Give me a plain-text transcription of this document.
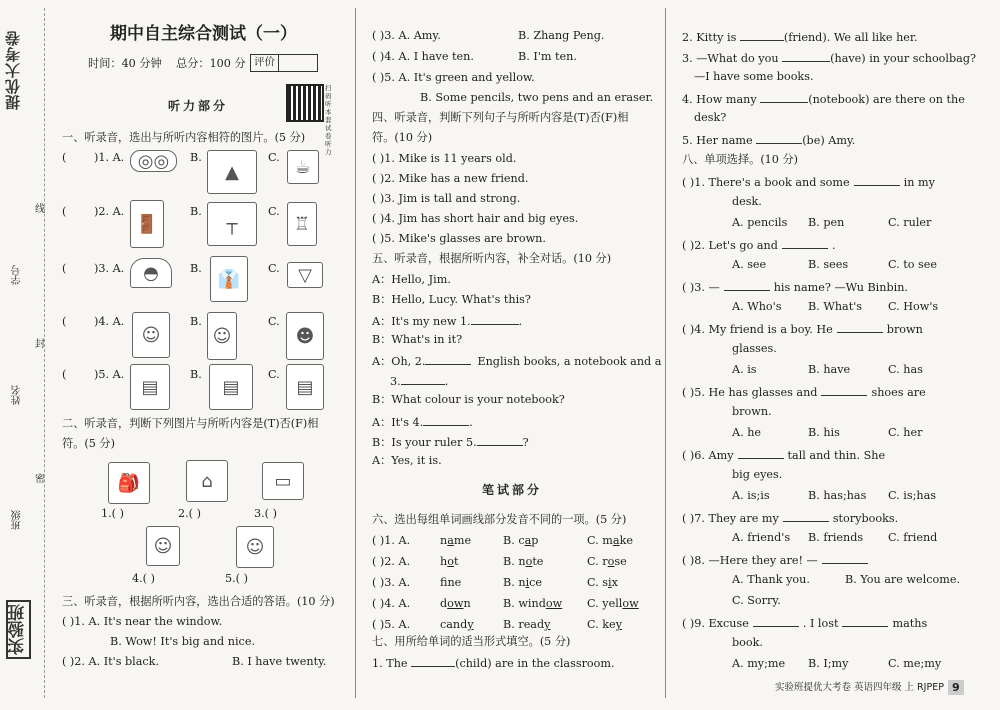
提优大考卷
线
学号
封
姓名
密
班级
实验班
期中自主综合测试（一）
时间：40 分钟 总分：100 分 评价
扫码听本套试卷听力
听力部分
一、听录音，选出与所听内容相符的图片。(5 分)
( )1. A. ◎◎	B.
▲
C. ☕
( )2. A.
🚪
B.
┬
C.
♖
( )3. A.	◓	B. 👔	C.	▽
( )4. A.
☺
B.
☺
C.
☻
( )5. A.
▤
B.
▤
C.
▤
二、听录音，判断下列图片与所听内容是(T)否(F)相
符。(5 分)
🎒	⌂	▭
1.( )	2.( )	3.( )
☺	☺
4.( )	5.( )
三、听录音，根据所听内容，选出合适的答语。(10 分)
( )1. A. It's near the window.
B. Wow! It's big and nice.
( )2. A. It's black.	B. I have twenty.
( )3. A. Amy.	B. Zhang Peng.
( )4. A. I have ten.	B. I'm ten.
( )5. A. It's green and yellow.
B. Some pencils, two pens and an eraser.
四、听录音，判断下列句子与所听内容是(T)否(F)相
符。(10 分)
( )1. Mike is 11 years old.
( )2. Mike has a new friend.
( )3. Jim is tall and strong.
( )4. Jim has short hair and big eyes.
( )5. Mike's glasses are brown.
五、听录音，根据所听内容，补全对话。(10 分)
A：Hello, Jim.
B：Hello, Lucy. What's this?
A：It's my new 1.	.
B：What's in it?
A：Oh, 2.	English books, a notebook and a
3.	.
B：What colour is your notebook?
A：It's 4.	.
B：Is your ruler 5.	?
A：Yes, it is.
笔试部分
六、选出每组单词画线部分发音不同的一项。(5 分)
( )1. A.	name	B. cap	C. make
( )2. A.	hot	B. note	C. rose
( )3. A.	fne	B. nice	C. six
( )4. A.	down	B. window C. yellow
( )5. A.	candy	B. ready	C. key
七、用所给单词的适当形式填空。(5 分)
1. The	(child) are in the classroom.
2. Kitty is	(friend). We all like her.
3. —What do you	(have) in your schoolbag?
—I have some books.
4. How many	(notebook) are there on the
desk?
5. Her name	(be) Amy.
八、单项选择。(10 分)
( )1. There's a book and some	in my
desk.
A. pencils B. pen	C. ruler
( )2. Let's go and	.
A. see	B. sees	C. to see
( )3. —	his name? —Wu Binbin.
A. Who's B. What's C. How's
( )4. My friend is a boy. He	brown
glasses.
A. is	B. have	C. has
( )5. He has glasses and	shoes are
brown.
A. he	B. his	C. her
( )6. Amy	tall and thin. She
big eyes.
A. is;is	B. has;has C. is;has
( )7. They are my	storybooks.
A. friend's B. friends C. friend
( )8. —Here they are! —
A. Thank you.	B. You are welcome.
C. Sorry.
( )9. Excuse	. I lost	maths
book.
A. my;me B. I;my	C. me;my
实验班提优大考卷 英语四年级 上 RJPEP 9
